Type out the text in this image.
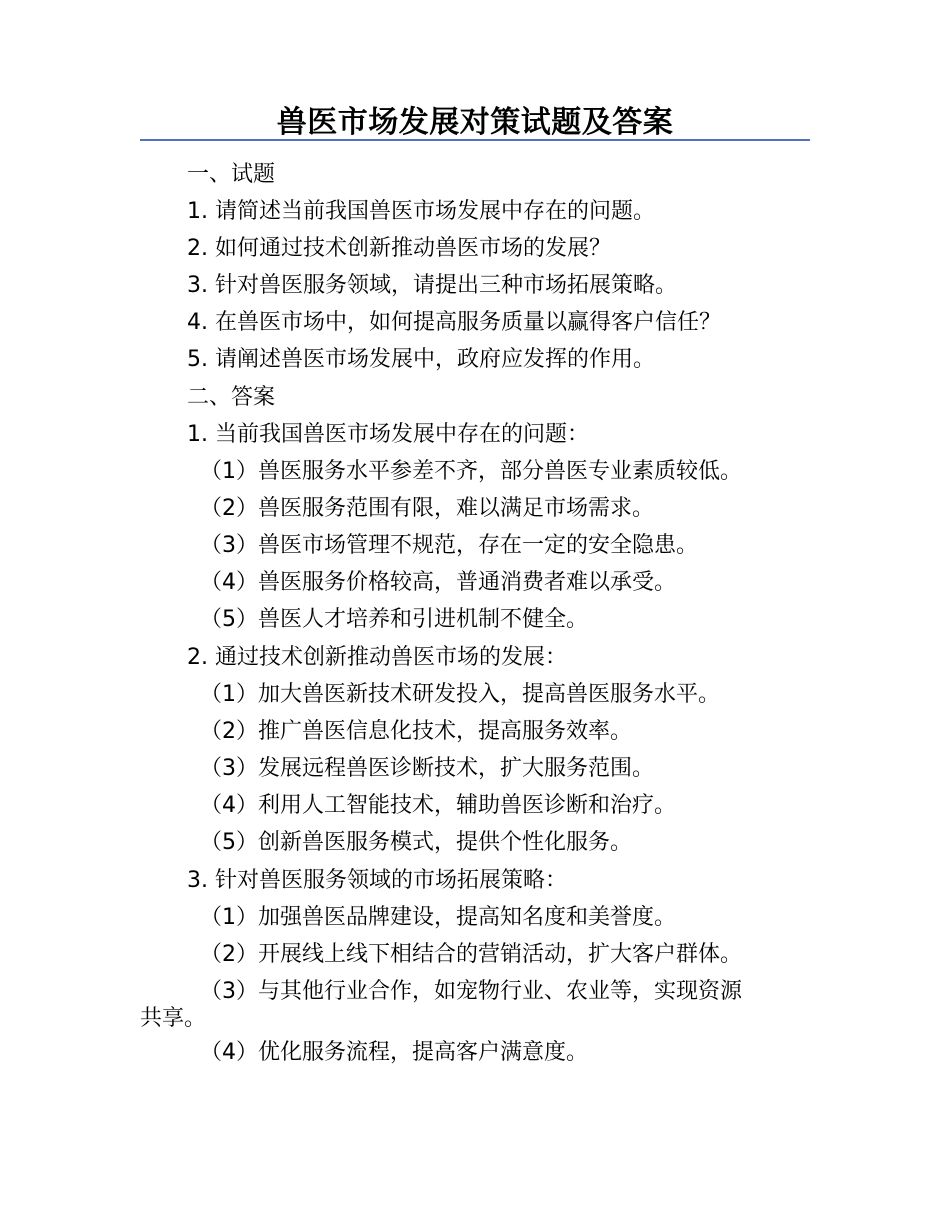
兽医市场发展对策试题及答案
一、试题
1. 请简述当前我国兽医市场发展中存在的问题。
2. 如何通过技术创新推动兽医市场的发展？
3. 针对兽医服务领域，请提出三种市场拓展策略。
4. 在兽医市场中，如何提高服务质量以赢得客户信任？
5. 请阐述兽医市场发展中，政府应发挥的作用。
二、答案
1. 当前我国兽医市场发展中存在的问题：
（1）兽医服务水平参差不齐，部分兽医专业素质较低。
（2）兽医服务范围有限，难以满足市场需求。
（3）兽医市场管理不规范，存在一定的安全隐患。
（4）兽医服务价格较高，普通消费者难以承受。
（5）兽医人才培养和引进机制不健全。
2. 通过技术创新推动兽医市场的发展：
（1）加大兽医新技术研发投入，提高兽医服务水平。
（2）推广兽医信息化技术，提高服务效率。
（3）发展远程兽医诊断技术，扩大服务范围。
（4）利用人工智能技术，辅助兽医诊断和治疗。
（5）创新兽医服务模式，提供个性化服务。
3. 针对兽医服务领域的市场拓展策略：
（1）加强兽医品牌建设，提高知名度和美誉度。
（2）开展线上线下相结合的营销活动，扩大客户群体。
（3）与其他行业合作，如宠物行业、农业等，实现资源
共享。
（4）优化服务流程，提高客户满意度。
